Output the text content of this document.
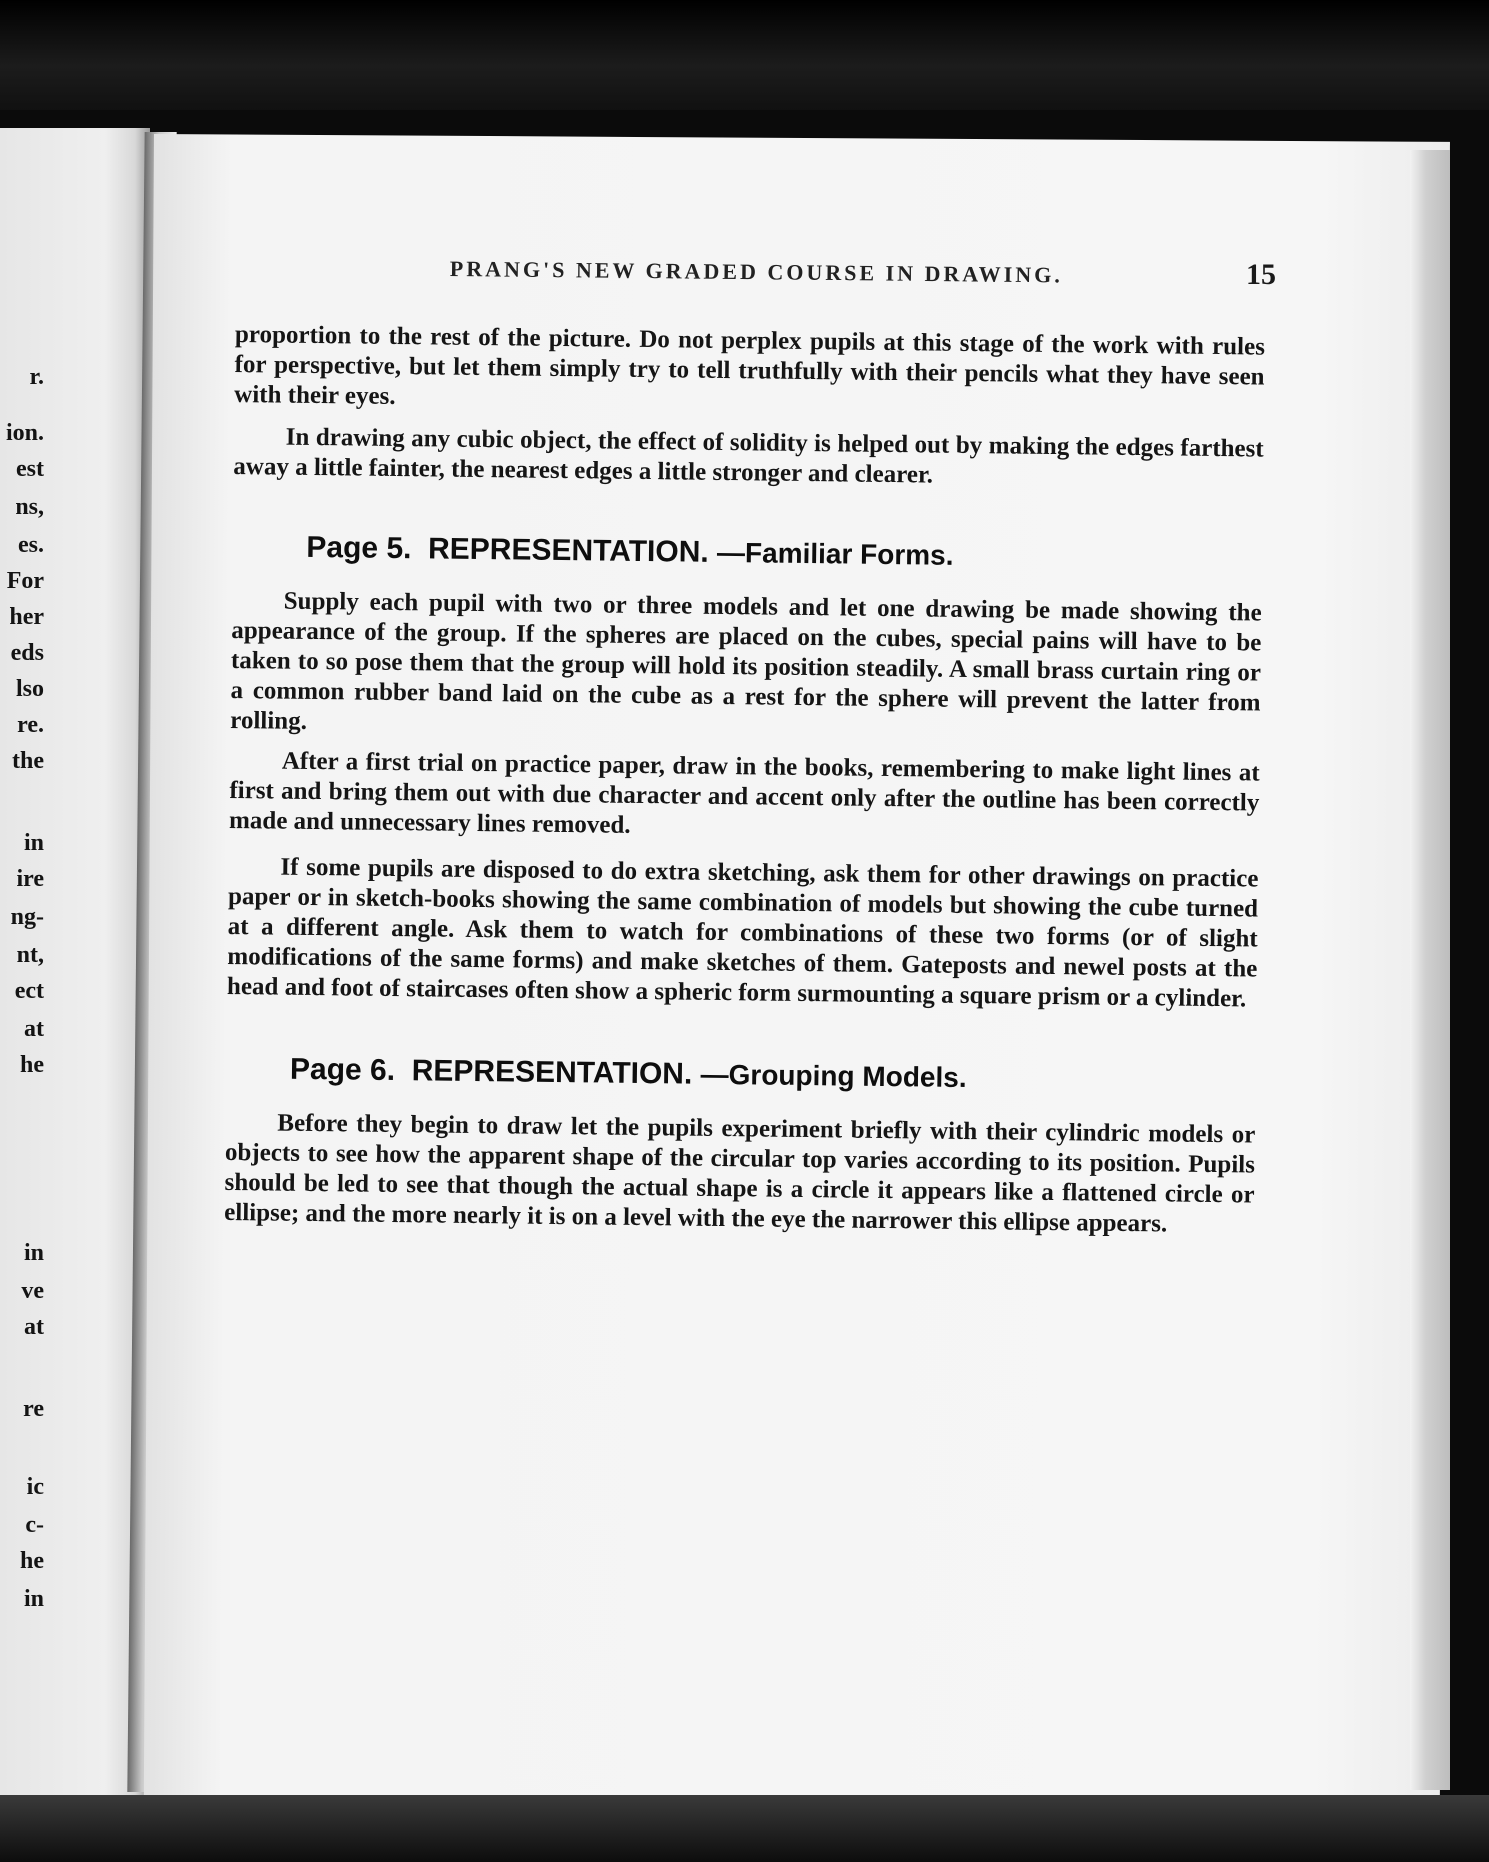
r.
ion.
est
ns,
es.
For
her
eds
lso
re.
the
in
ire
ng-
nt,
ect
at
he
in
ve
at
re
ic
c-
he
in
PRANG'S NEW GRADED COURSE IN DRAWING.	15

proportion to the rest of the picture. Do not perplex pupils at this stage of the work with rules for perspective, but let them simply try to tell truthfully with their pencils what they have seen with their eyes.

In drawing any cubic object, the effect of solidity is helped out by making the edges farthest away a little fainter, the nearest edges a little stronger and clearer.

Page 5. REPRESENTATION. —Familiar Forms.

Supply each pupil with two or three models and let one drawing be made showing the appearance of the group. If the spheres are placed on the cubes, special pains will have to be taken to so pose them that the group will hold its position steadily. A small brass curtain ring or a common rubber band laid on the cube as a rest for the sphere will prevent the latter from rolling.

After a first trial on practice paper, draw in the books, remembering to make light lines at first and bring them out with due character and accent only after the outline has been correctly made and unnecessary lines removed.

If some pupils are disposed to do extra sketching, ask them for other drawings on practice paper or in sketch-books showing the same combination of models but showing the cube turned at a different angle. Ask them to watch for combinations of these two forms (or of slight modifications of the same forms) and make sketches of them. Gateposts and newel posts at the head and foot of staircases often show a spheric form surmounting a square prism or a cylinder.

Page 6. REPRESENTATION. —Grouping Models.

Before they begin to draw let the pupils experiment briefly with their cylindric models or objects to see how the apparent shape of the circular top varies according to its position. Pupils should be led to see that though the actual shape is a circle it appears like a flattened circle or ellipse; and the more nearly it is on a level with the eye the narrower this ellipse appears.
